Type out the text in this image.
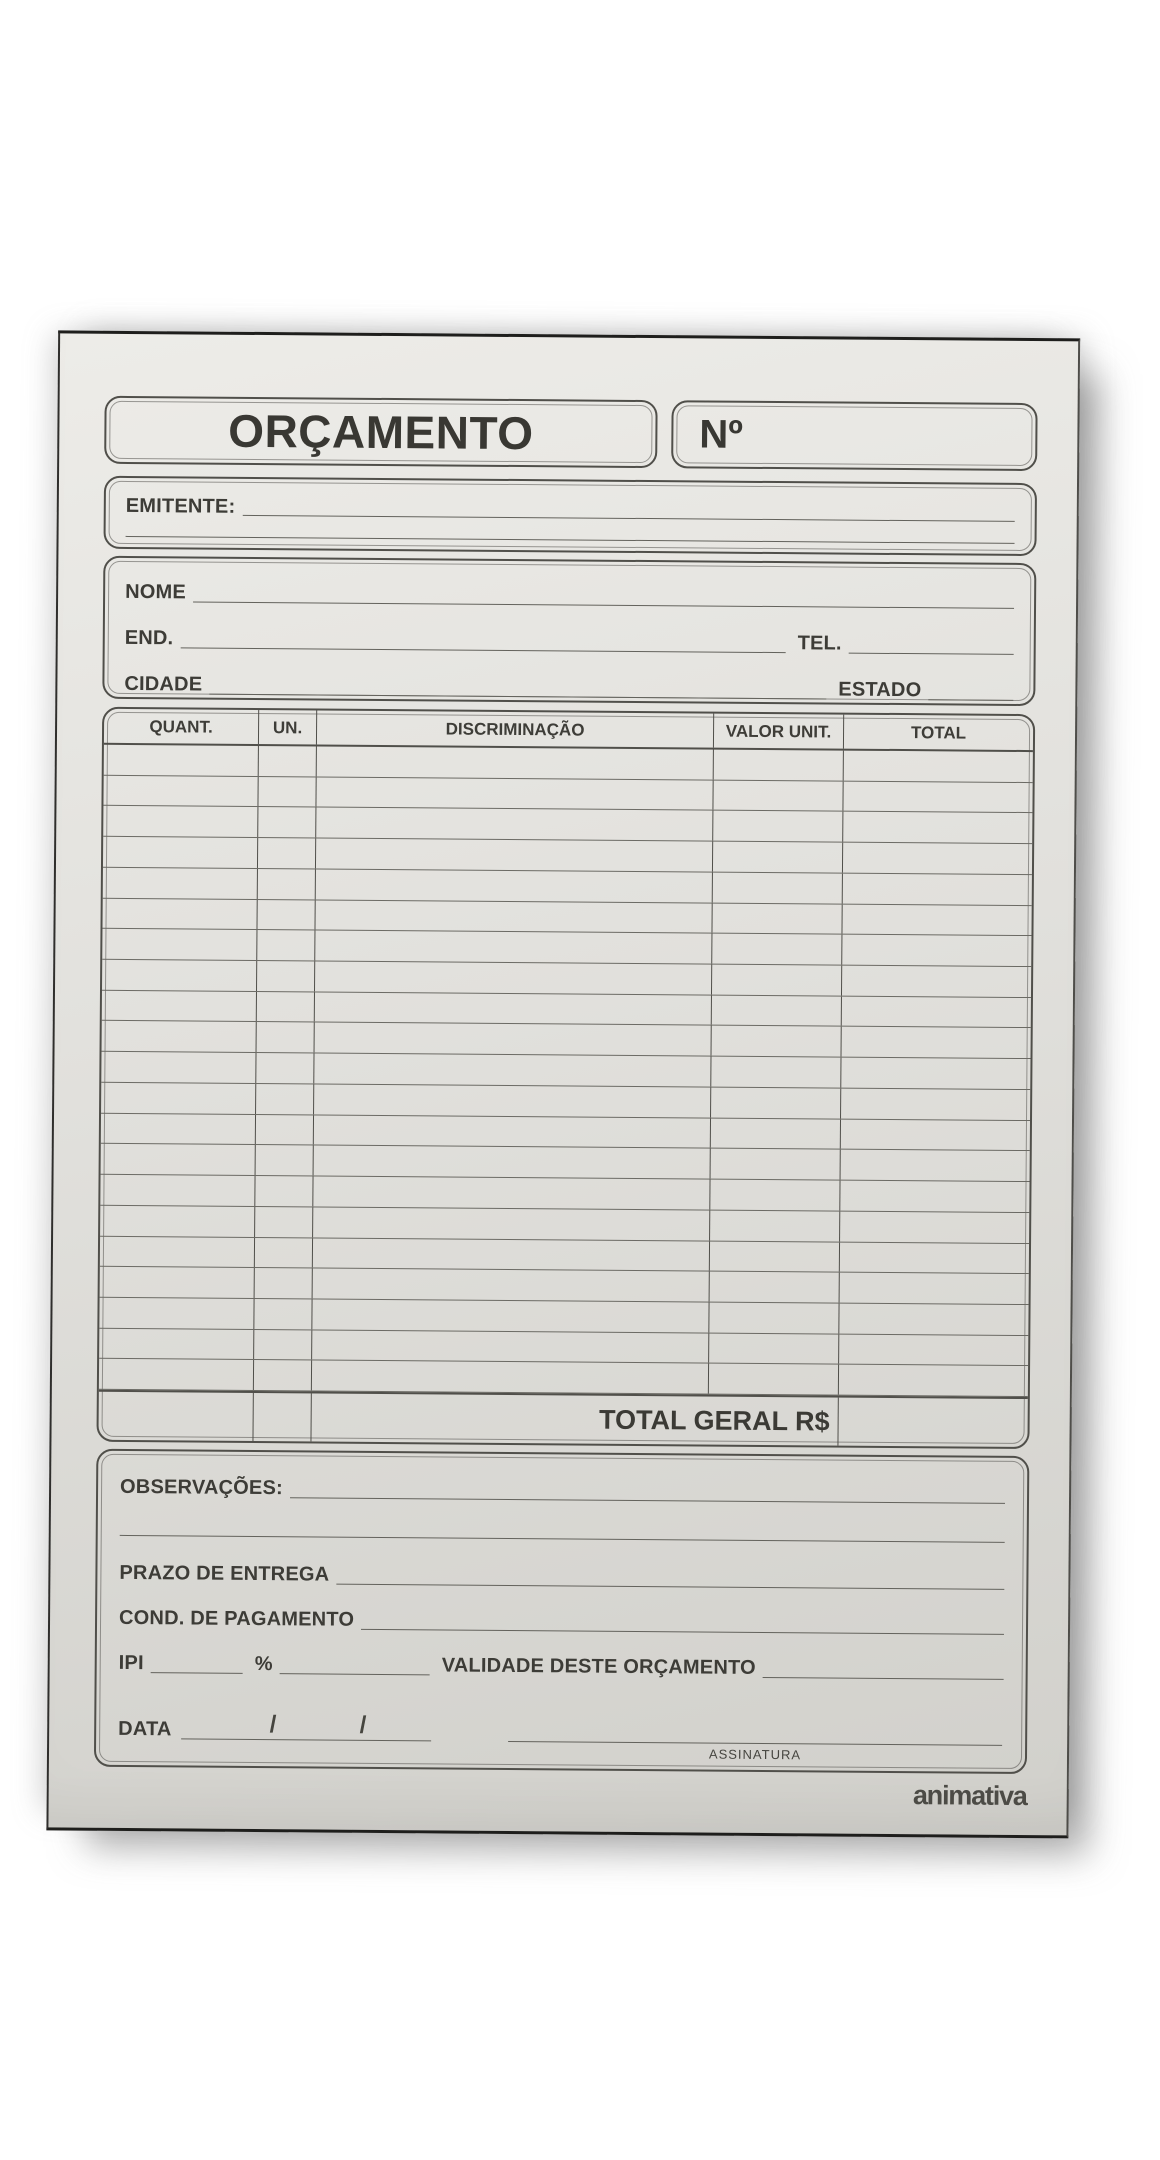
ORÇAMENTO	Nº
EMITENTE:
NOME
END.	TEL.
CIDADE	ESTADO
QUANT.	UN.	DISCRIMINAÇÃO	VALOR UNIT.	TOTAL
TOTAL GERAL R$
OBSERVAÇÕES:
PRAZO DE ENTREGA
COND. DE PAGAMENTO
IPI	%	VALIDADE DESTE ORÇAMENTO
DATA	/	/
ASSINATURA
animativa
